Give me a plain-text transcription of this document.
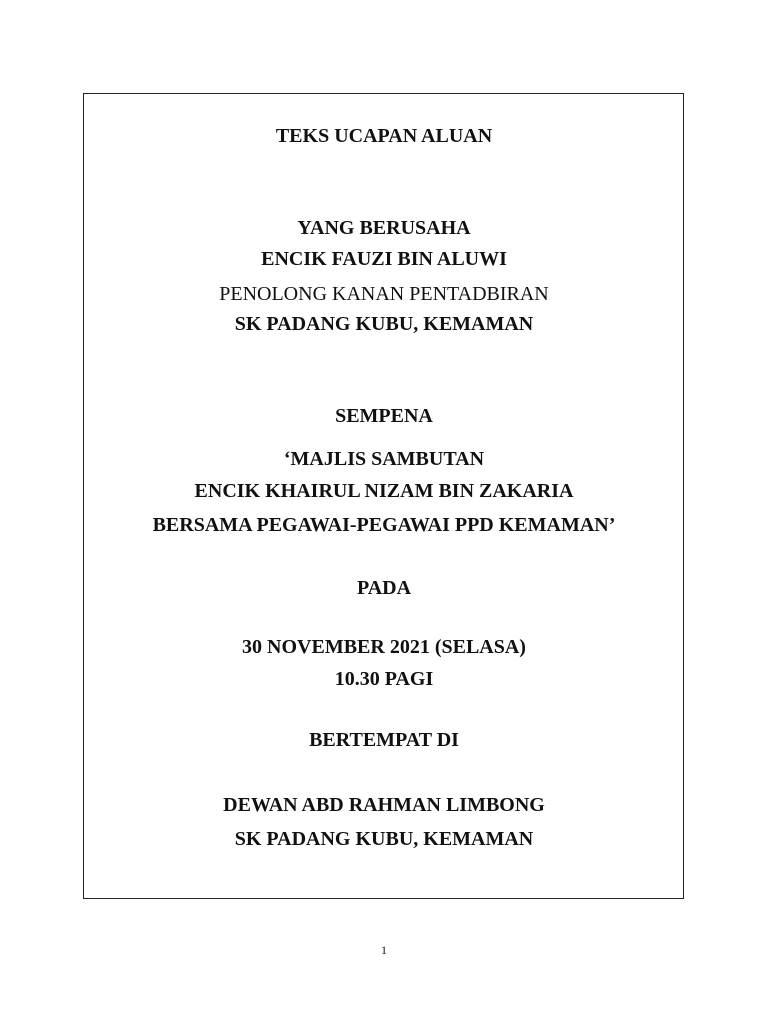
TEKS UCAPAN ALUAN
YANG BERUSAHA
ENCIK FAUZI BIN ALUWI
PENOLONG KANAN PENTADBIRAN
SK PADANG KUBU, KEMAMAN
SEMPENA
‘MAJLIS SAMBUTAN
ENCIK KHAIRUL NIZAM BIN ZAKARIA
BERSAMA PEGAWAI-PEGAWAI PPD KEMAMAN’
PADA
30 NOVEMBER 2021 (SELASA)
10.30 PAGI
BERTEMPAT DI
DEWAN ABD RAHMAN LIMBONG
SK PADANG KUBU, KEMAMAN
1
